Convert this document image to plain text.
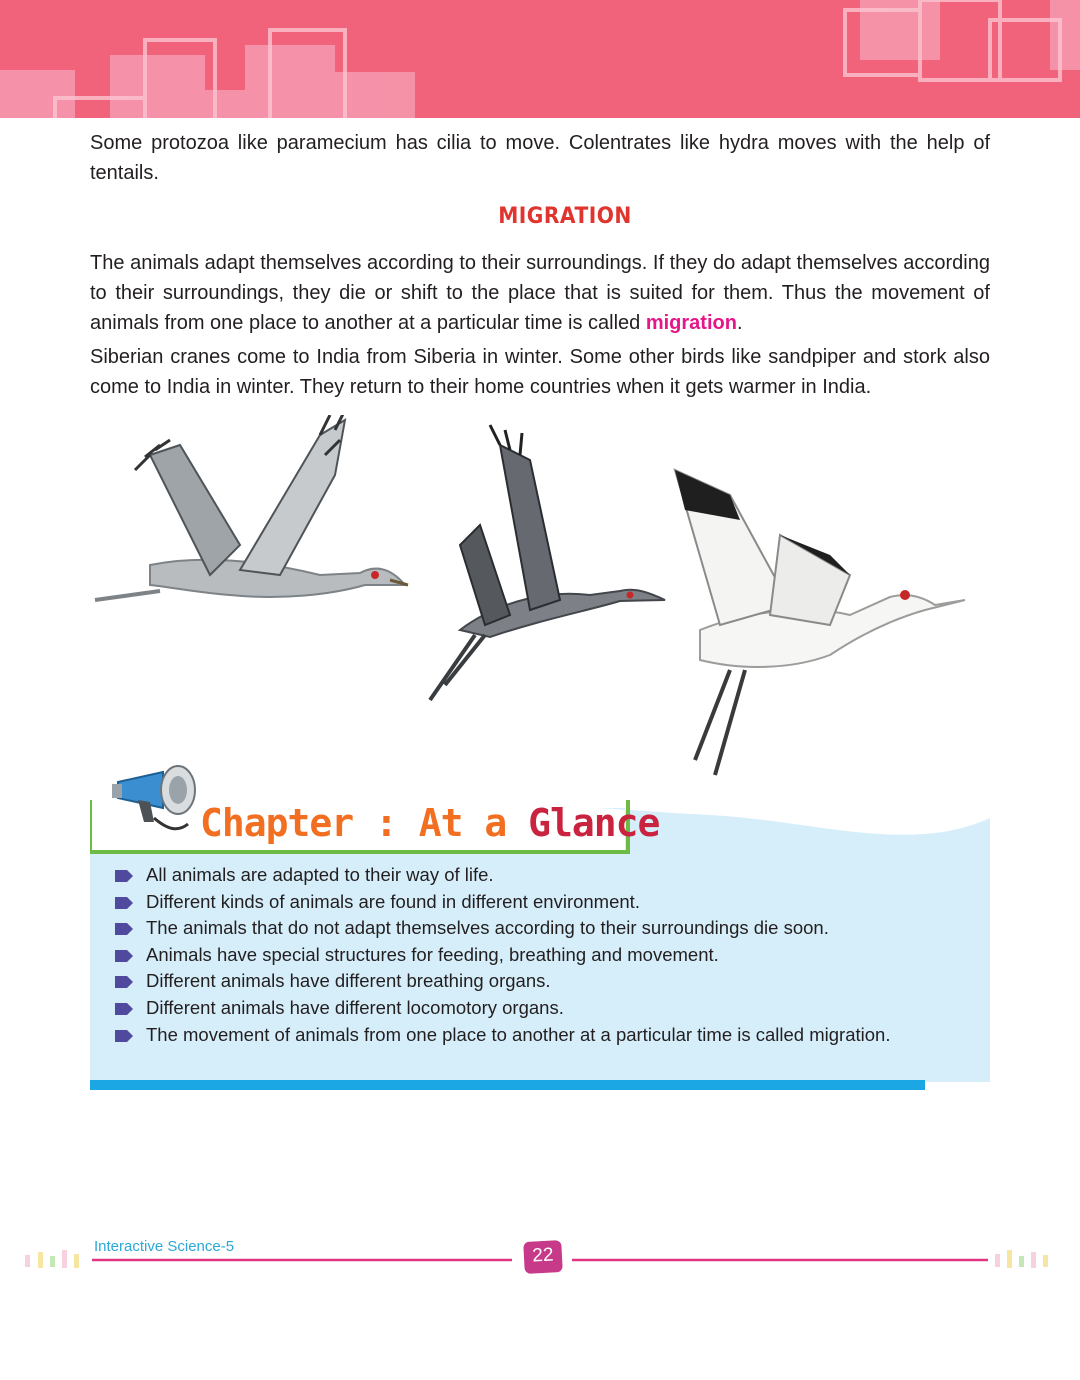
Some protozoa like paramecium has cilia to move. Colentrates like hydra moves with the help of tentails.

MIGRATION

The animals adapt themselves according to their surroundings. If they do adapt themselves according to their surroundings, they die or shift to the place that is suited for them. Thus the movement of animals from one place to another at a particular time is called migration.

Siberian cranes come to India from Siberia in winter. Some other birds like sandpiper and stork also come to India in winter. They return to their home countries when it gets warmer in India.

Chapter : At a Glance
All animals are adapted to their way of life.
Different kinds of animals are found in different environment.
The animals that do not adapt themselves according to their surroundings die soon.
Animals have special structures for feeding, breathing and movement.
Different animals have different breathing organs.
Different animals have different locomotory organs.
The movement of animals from one place to another at a particular time is called migration.
Interactive Science-5	22
